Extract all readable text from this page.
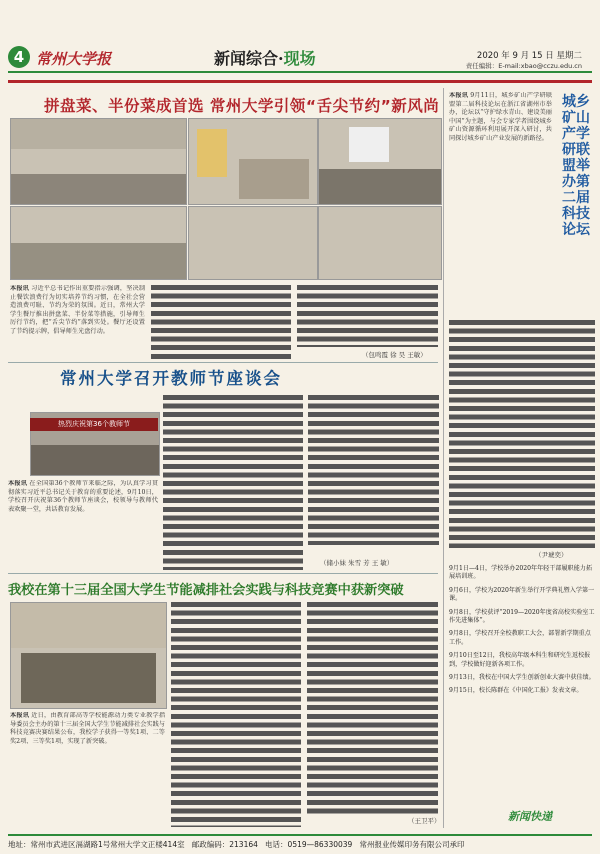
4 常州大学报	新闻综合·现场	2020 年 9 月 15 日 星期二
责任编辑：E-mail:xbao@cczu.edu.cn
拼盘菜、半份菜成首选 常州大学引领“舌尖节约”新风尚
本报讯 习近平总书记作出重要指示强调，坚决制止餐饮浪费行为切实培养节约习惯，在全社会营造浪费可耻、节约为荣的氛围。近日，常州大学学生餐厅推出拼盘菜、半份菜等措施，引导师生厉行节约，把“舌尖节约”落到实处。餐厅还设置了节约提示牌，倡导师生光盘行动。
（包鸣霞 徐 昊 王敏）
常州大学召开教师节座谈会
热烈庆祝第36个教师节
本报讯 在全国第36个教师节来临之际，为认真学习贯彻落实习近平总书记关于教育的重要论述，9月10日，学校召开庆祝第36个教师节座谈会，校领导与教师代表欢聚一堂，共话教育发展。
（储小妹 朱雪 芳 王 敏）
我校在第十三届全国大学生节能减排社会实践与科技竞赛中获新突破
本报讯 近日，由教育部高等学校能源动力类专业教学指导委员会主办的第十三届全国大学生节能减排社会实践与科技竞赛决赛结果公布，我校学子获得一等奖1项、二等奖2项、三等奖1项，实现了新突破。
（王卫平）
城乡矿山产学研联盟举办第二届科技论坛
本报讯 9月11日，城乡矿山产学研联盟第二届科技论坛在浙江省湖州市举办，论坛以“守护绿水青山、建设美丽中国”为主题，与会专家学者围绕城乡矿山资源循环利用展开深入研讨，共同探讨城乡矿山产业发展的新路径。
（尹琥奕）
9月1日—4日，学校举办2020年年轻干部履职能力拓展培训班。
9月6日，学校为2020年新生举行开学典礼暨入学第一课。
9月8日，学校获评“2019—2020年度省高校实验室工作先进集体”。
9月8日，学校召开全校教职工大会，部署新学期重点工作。
9月10日至12日，我校高年级本科生和研究生返校报到，学校做好迎新各项工作。
9月13日，我校在中国大学生创新创业大赛中获佳绩。
9月15日，校长陈群在《中国化工报》发表文章。
新闻快递
地址：常州市武进区滆湖路1号常州大学文正楼414室 邮政编码：213164 电话：0519—86330039 常州报业传媒印务有限公司承印
